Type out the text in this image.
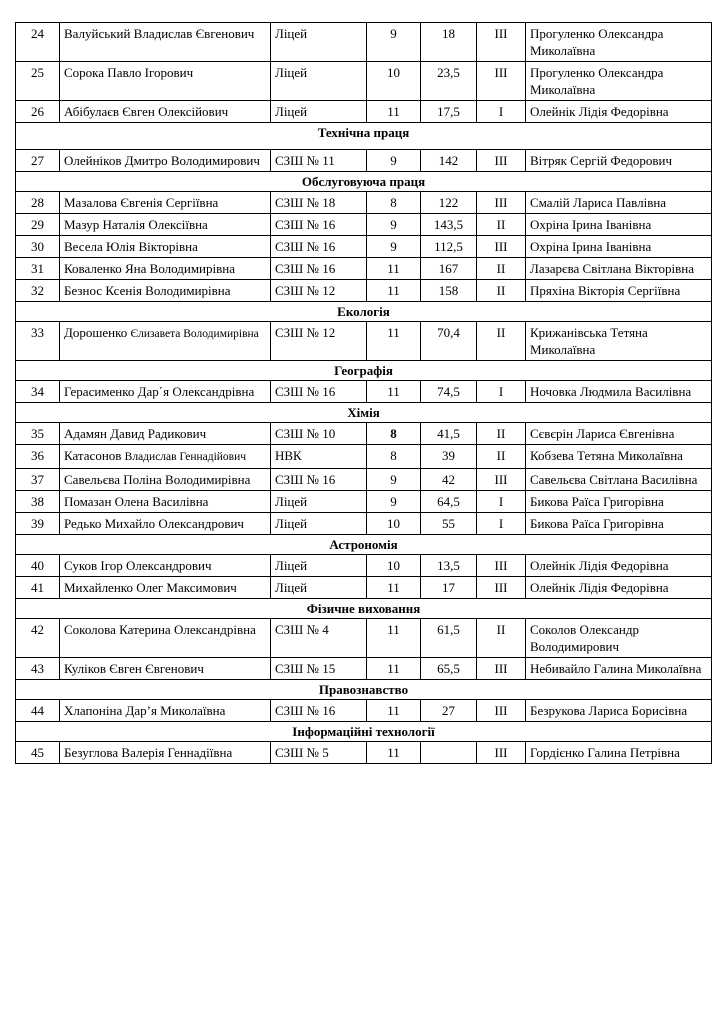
24	Валуйський Владислав Євгенович	Ліцей	9	18	III	Прогуленко Олександра Миколаївна
25	Сорока Павло Ігорович	Ліцей	10	23,5	III	Прогуленко Олександра Миколаївна
26	Абібулаєв Євген Олексійович	Ліцей	11	17,5	I	Олейнік Лідія Федорівна
Технічна праця						
27	Олейніков Дмитро Володимирович	СЗШ № 11	9	142	III	Вітряк Сергій Федорович
Обслуговуюча праця						
28	Мазалова Євгенія Сергіївна	СЗШ № 18	8	122	III	Смалій Лариса Павлівна
29	Мазур Наталія Олексіївна	СЗШ № 16	9	143,5	II	Охріна Ірина Іванівна
30	Весела Юлія Вікторівна	СЗШ № 16	9	112,5	III	Охріна Ірина Іванівна
31	Коваленко Яна Володимирівна	СЗШ № 16	11	167	II	Лазарєва Світлана Вікторівна
32	Безнос Ксенія Володимирівна	СЗШ № 12	11	158	II	Пряхіна Вікторія Сергіївна
Екологія						
33	Дорошенко Єлизавета Володимирівна	СЗШ № 12	11	70,4	II	Крижанівська Тетяна Миколаївна
Географія						
34	Герасименко Дар΄я Олександрівна	СЗШ № 16	11	74,5	I	Ночовка Людмила Василівна
Хімія						
35	Адамян Давид Радикович	СЗШ № 10	8	41,5	II	Сєвєрін Лариса Євгенівна
36	Катасонов Владислав Геннадійович	НВК	8	39	II	Кобзева Тетяна Миколаївна
37	Савельєва Поліна Володимирівна	СЗШ № 16	9	42	III	Савельєва Світлана Василівна
38	Помазан Олена Василівна	Ліцей	9	64,5	I	Бикова Раїса Григорівна
39	Редько Михайло Олександрович	Ліцей	10	55	I	Бикова Раїса Григорівна
Астрономія						
40	Суков Ігор Олександрович	Ліцей	10	13,5	III	Олейнік Лідія Федорівна
41	Михайленко Олег Максимович	Ліцей	11	17	III	Олейнік Лідія Федорівна
Фізичне виховання						
42	Соколова Катерина Олександрівна	СЗШ № 4	11	61,5	II	Соколов Олександр Володимирович
43	Куліков Євген Євгенович	СЗШ № 15	11	65,5	III	Небивайло Галина Миколаївна
Правознавство						
44	Хлапоніна Дар’я Миколаївна	СЗШ № 16	11	27	III	Безрукова Лариса Борисівна
Інформаційні технології						
45	Безуглова Валерія Геннадіївна	СЗШ № 5	11		III	Гордієнко Галина Петрівна
